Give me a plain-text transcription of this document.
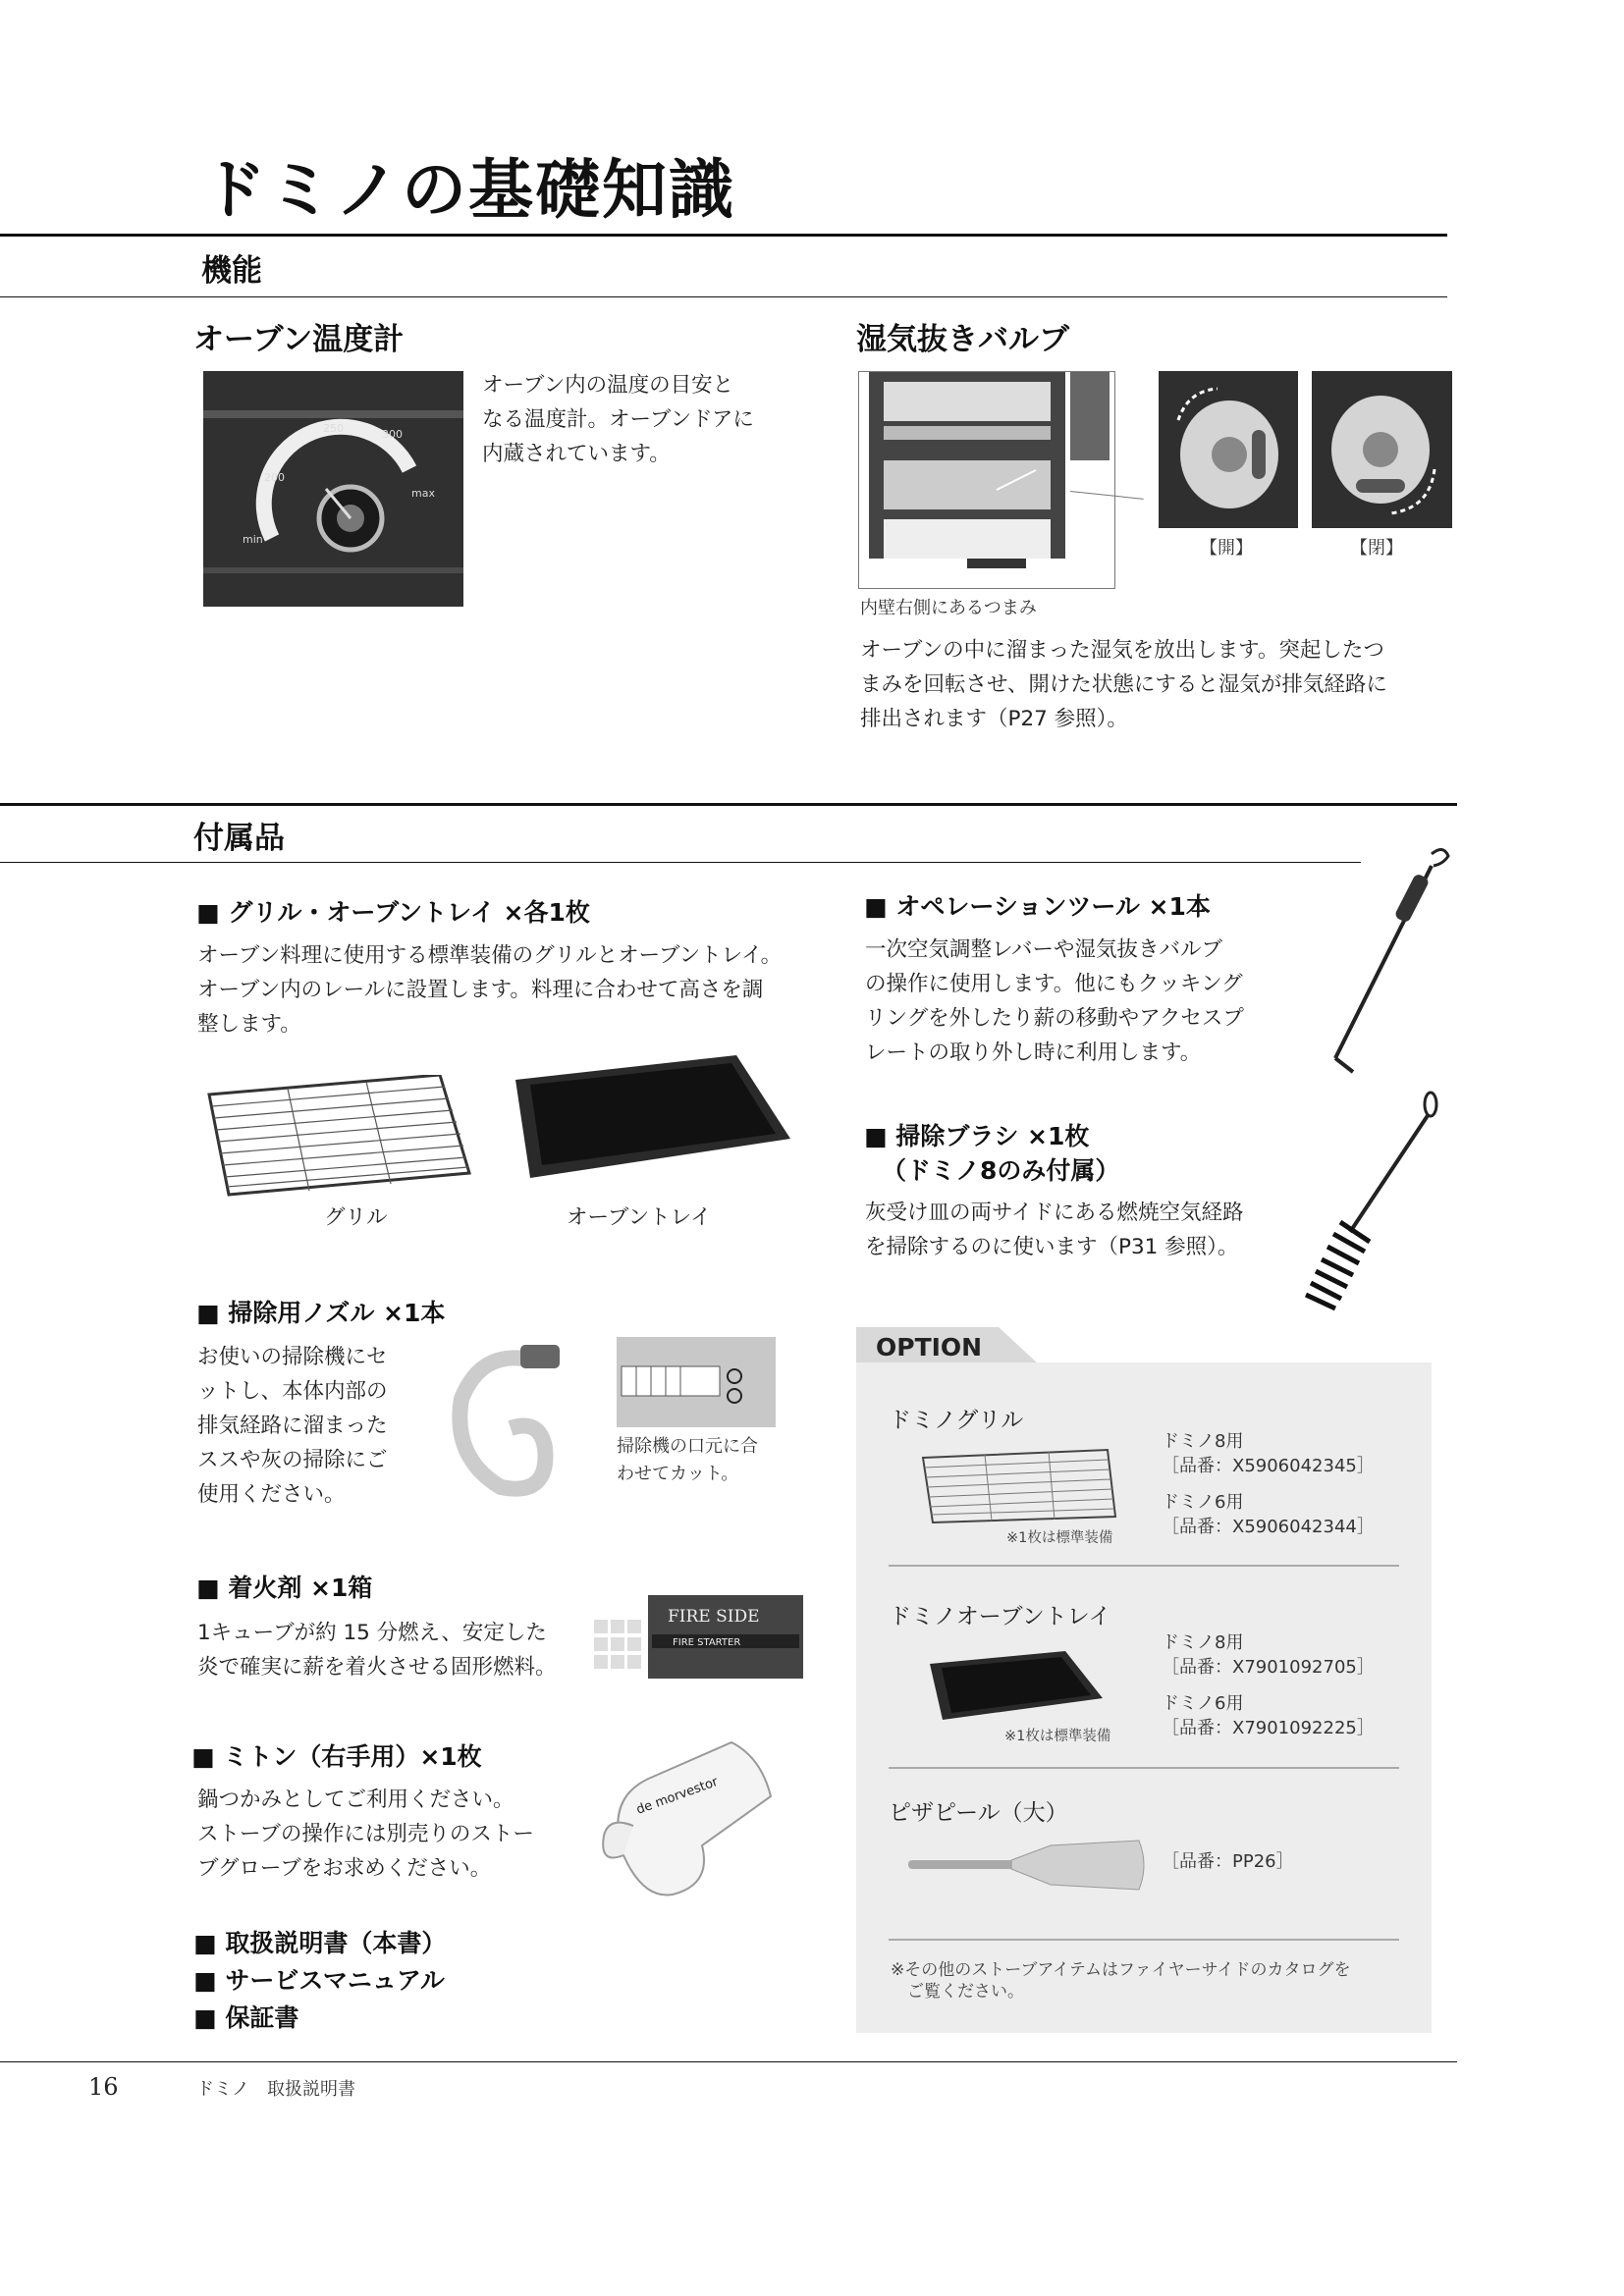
ドミノの基礎知識
機能
オーブン温度計
min
200
250	300
max
オーブン内の温度の目安と
なる温度計。オーブンドアに
内蔵されています。
湿気抜きバルブ
【開】	【閉】
内壁右側にあるつまみ
オーブンの中に溜まった湿気を放出します。突起したつ
まみを回転させ、開けた状態にすると湿気が排気経路に
排出されます（P27 参照）。
付属品
■ グリル・オーブントレイ ×各1枚
オーブン料理に使用する標準装備のグリルとオーブントレイ。
オーブン内のレールに設置します。料理に合わせて高さを調
整します。
グリル	オーブントレイ
■ オペレーションツール ×1本
一次空気調整レバーや湿気抜きバルブ
の操作に使用します。他にもクッキング
リングを外したり薪の移動やアクセスプ
レートの取り外し時に利用します。
■ 掃除ブラシ ×1枚
（ドミノ8のみ付属）
灰受け皿の両サイドにある燃焼空気経路
を掃除するのに使います（P31 参照）。
■ 掃除用ノズル ×1本
お使いの掃除機にセ
ットし、本体内部の
排気経路に溜まった
ススや灰の掃除にご
使用ください。
掃除機の口元に合
わせてカット。
■ 着火剤 ×1箱
1キューブが約 15 分燃え、安定した
炎で確実に薪を着火させる固形燃料。
FIRE SIDE
FIRE STARTER
■ ミトン（右手用）×1枚
鍋つかみとしてご利用ください。
ストーブの操作には別売りのストー
ブグローブをお求めください。
de morvestor
■ 取扱説明書（本書）
■ サービスマニュアル
■ 保証書
OPTION
ドミノグリル
※1枚は標準装備
ドミノ8用
［品番：X5906042345］
ドミノ6用
［品番：X5906042344］
ドミノオーブントレイ
※1枚は標準装備
ドミノ8用
［品番：X7901092705］
ドミノ6用
［品番：X7901092225］
ピザピール（大）
［品番：PP26］
※その他のストーブアイテムはファイヤーサイドのカタログを
　ご覧ください。
16	ドミノ　取扱説明書
